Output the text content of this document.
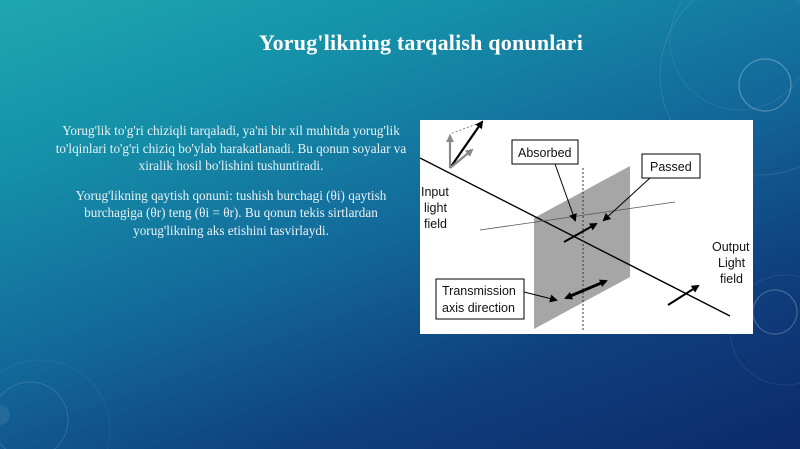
Yorug'likning tarqalish qonunlari

Yorug'lik to'g'ri chiziqli tarqaladi, ya'ni bir xil muhitda yorug'lik to'lqinlari to'g'ri chiziq bo'ylab harakatlanadi. Bu qonun soyalar va xiralik hosil bo'lishini tushuntiradi.

Yorug'likning qaytish qonuni: tushish burchagi (θi) qaytish burchagiga (θr) teng (θi = θr). Bu qonun tekis sirtlardan yorug'likning aks etishini tasvirlaydi.

Absorbed
Passed
Input
light
field
Output
Light
field
Transmission
axis direction
